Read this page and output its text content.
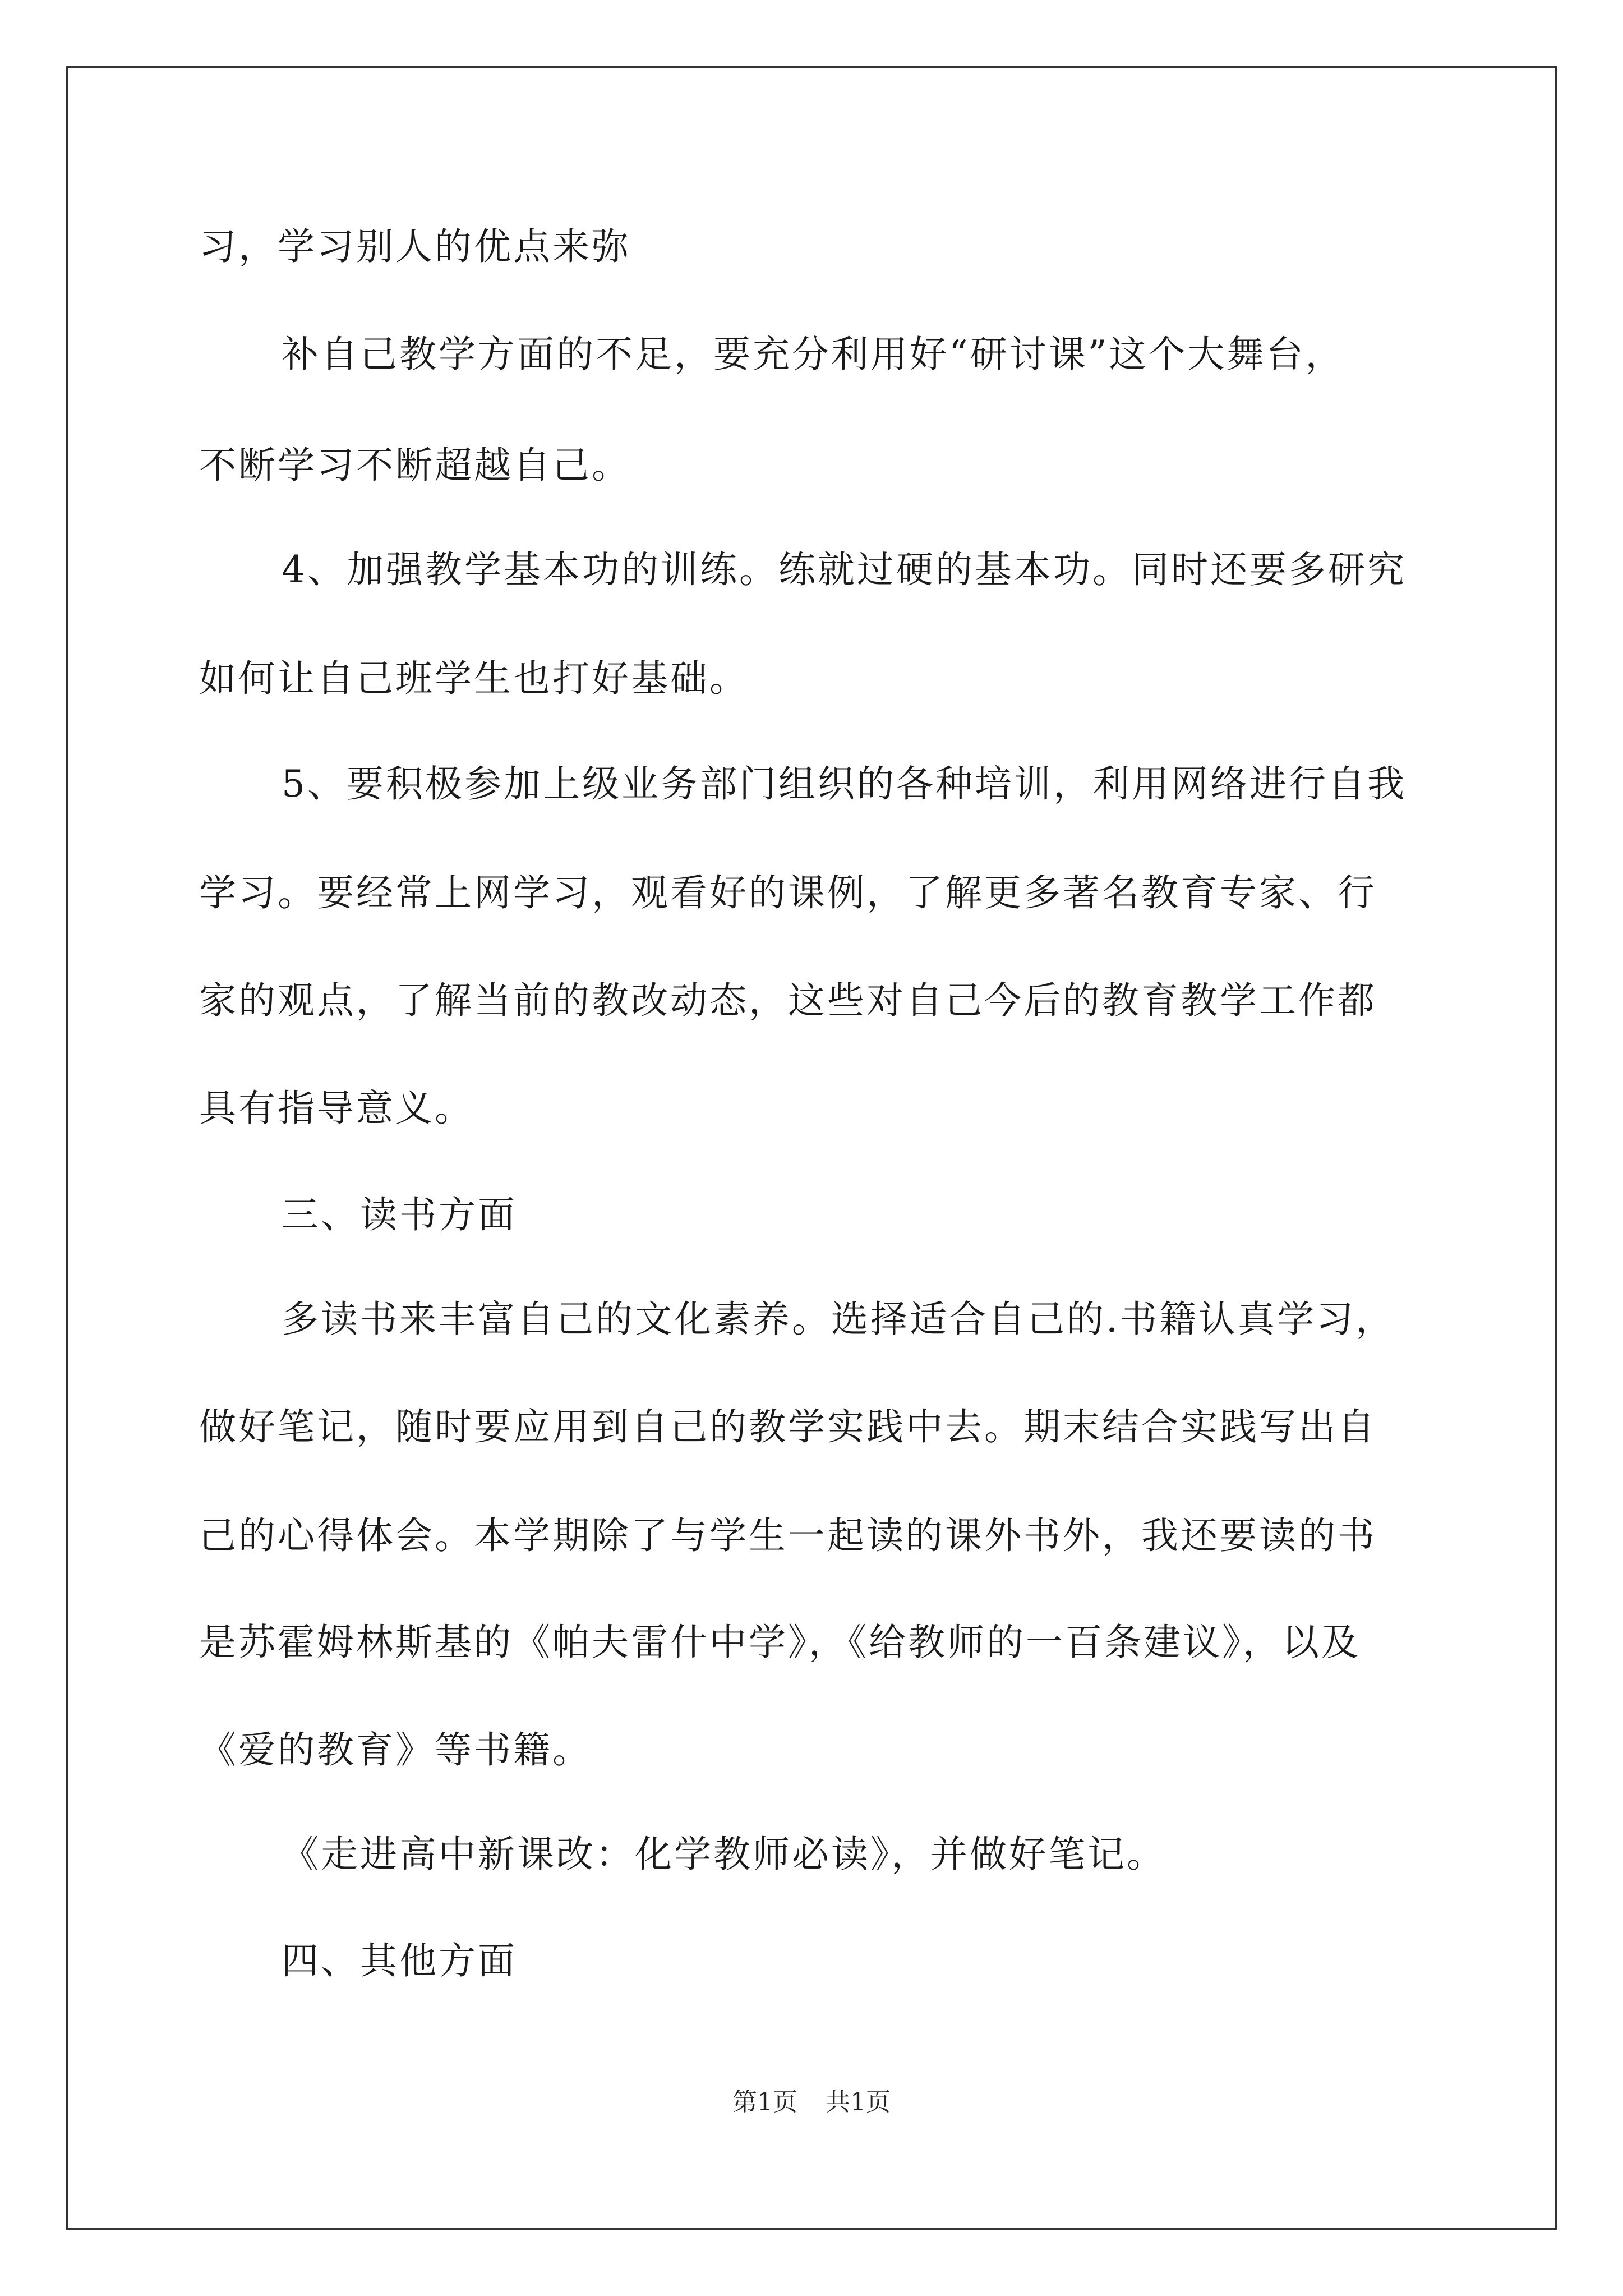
习，学习别人的优点来弥
补自己教学方面的不足，要充分利用好“研讨课”这个大舞台，
不断学习不断超越自己。
4、加强教学基本功的训练。练就过硬的基本功。同时还要多研究
如何让自己班学生也打好基础。
5、要积极参加上级业务部门组织的各种培训，利用网络进行自我
学习。要经常上网学习，观看好的课例，了解更多著名教育专家、行
家的观点，了解当前的教改动态，这些对自己今后的教育教学工作都
具有指导意义。
三、读书方面
多读书来丰富自己的文化素养。选择适合自己的.书籍认真学习，
做好笔记，随时要应用到自己的教学实践中去。期末结合实践写出自
己的心得体会。本学期除了与学生一起读的课外书外，我还要读的书
是苏霍姆林斯基的《帕夫雷什中学》，《给教师的一百条建议》，以及
《爱的教育》等书籍。
《走进高中新课改：化学教师必读》，并做好笔记。
四、其他方面
第1页 共1页
